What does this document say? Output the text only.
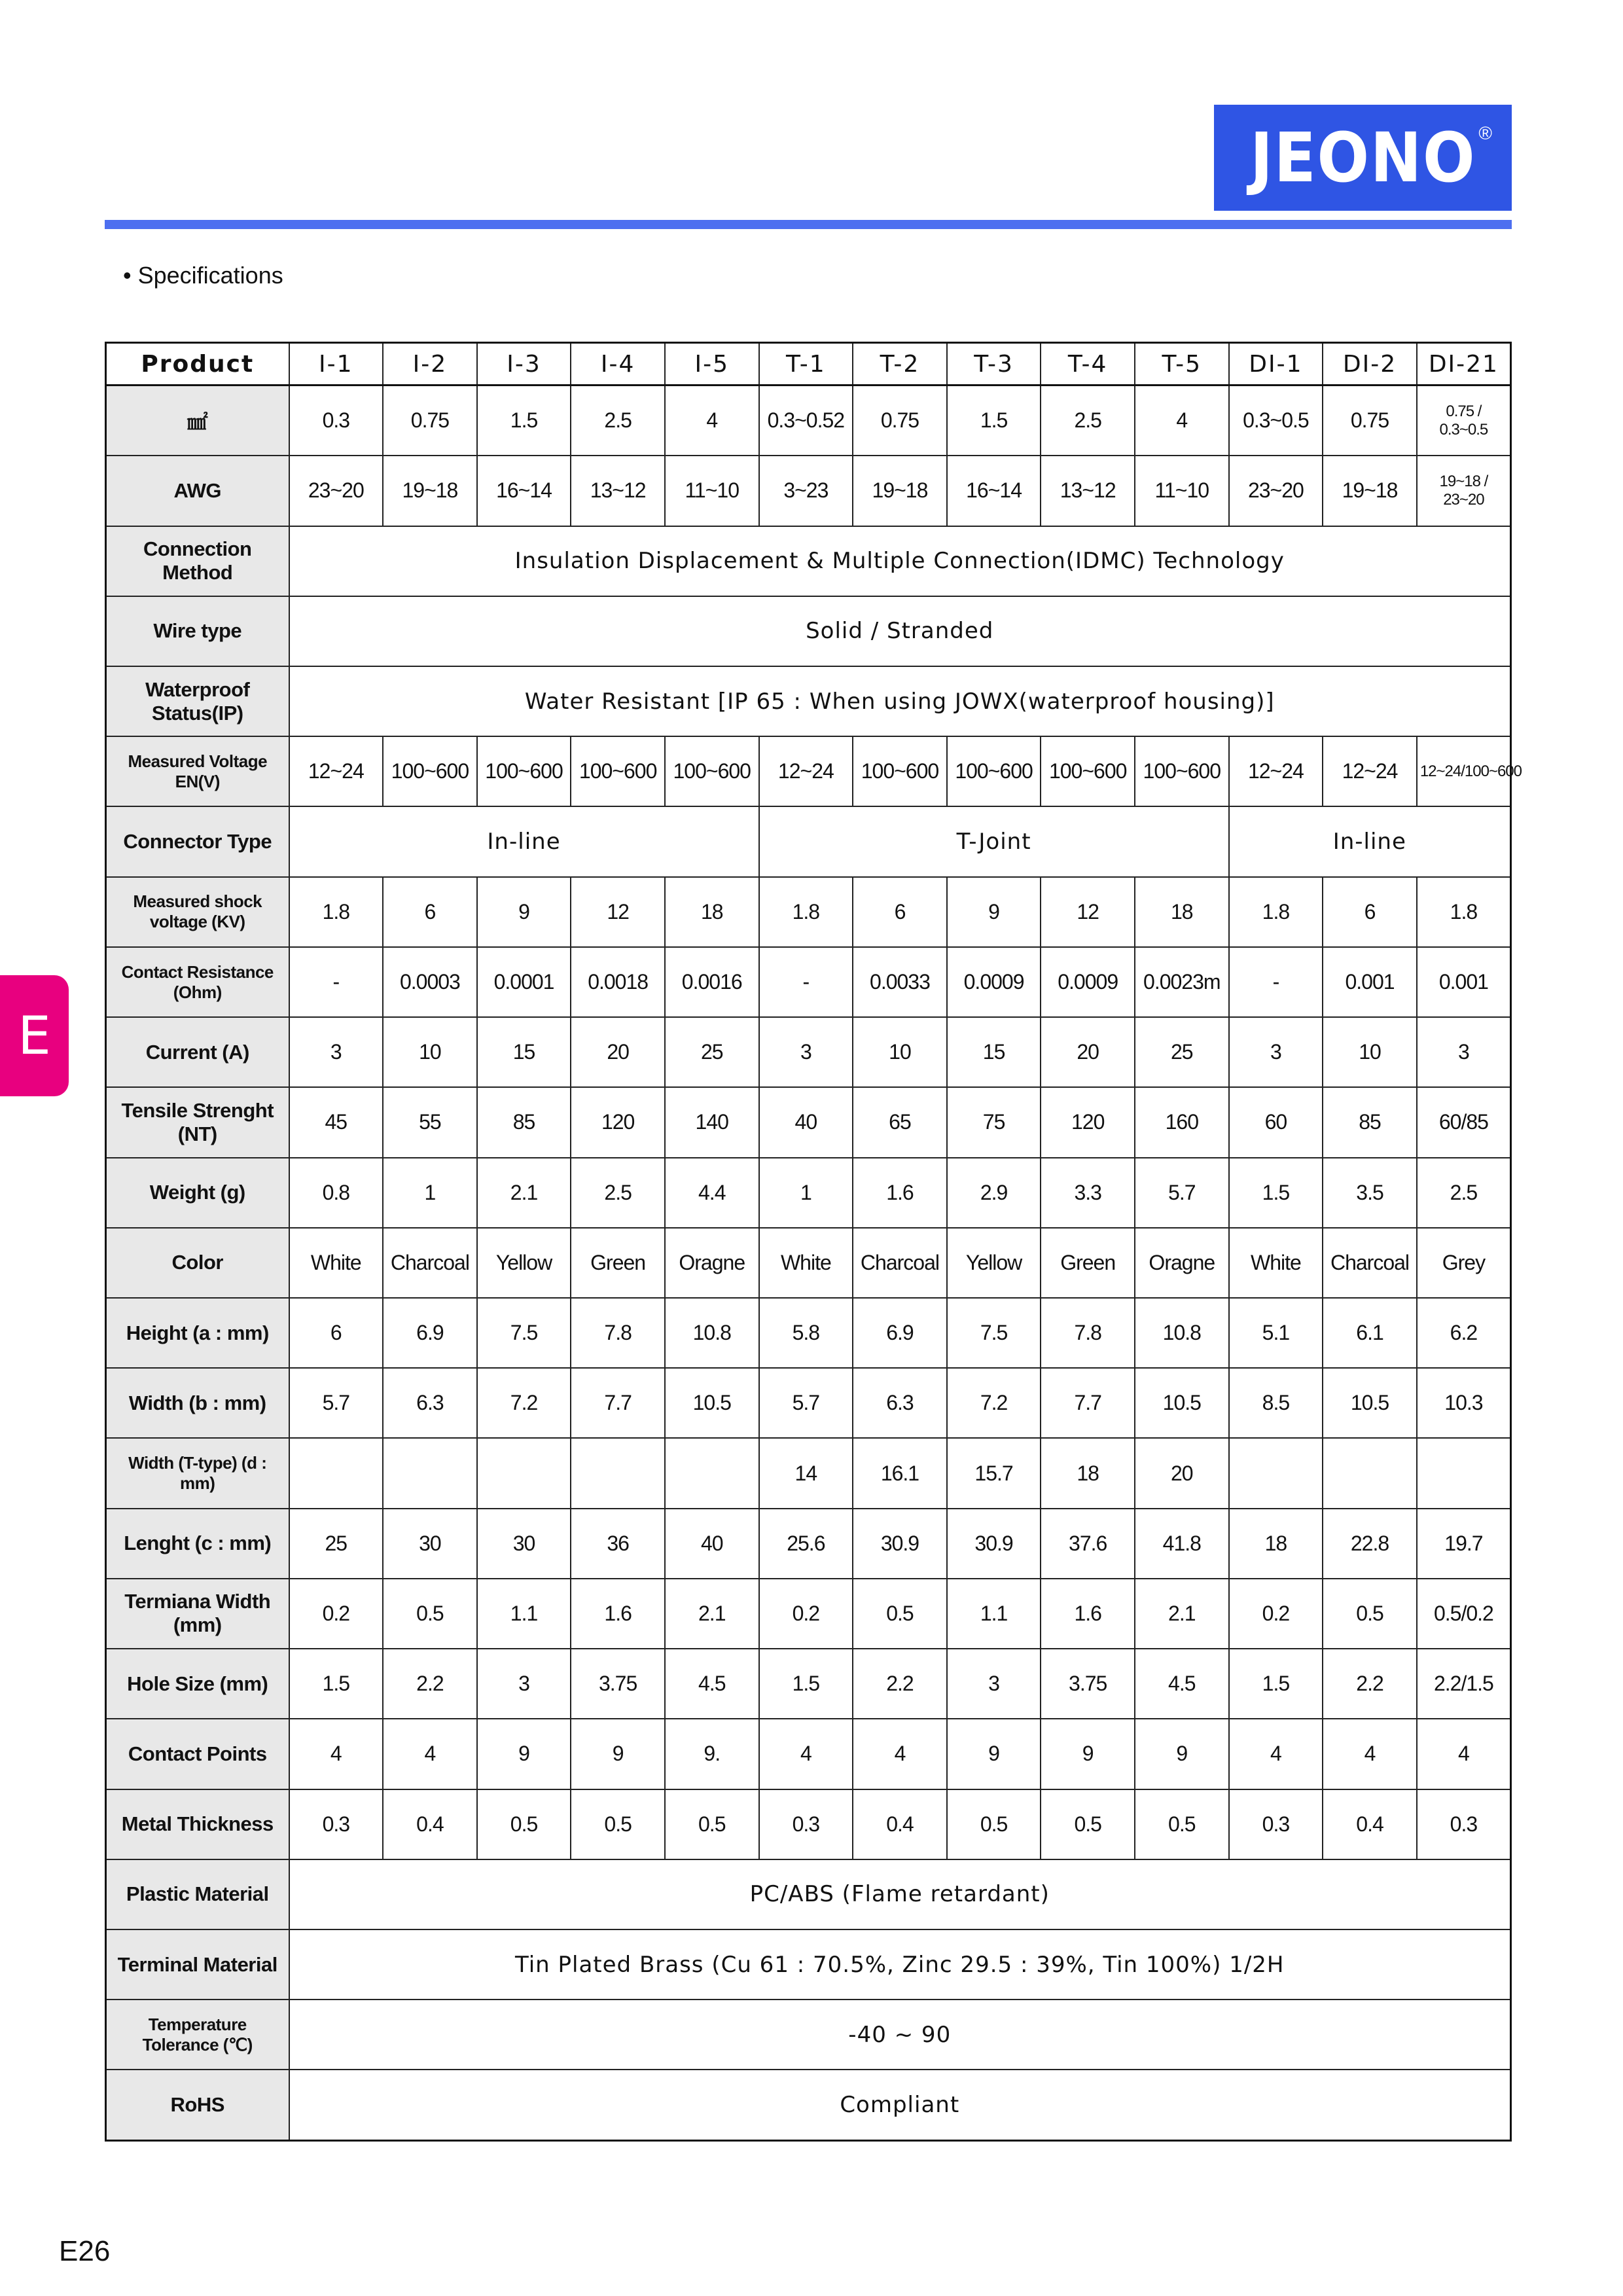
JEONO ®
• Specifications
Product	I-1	I-2	I-3	I-4	I-5	T-1	T-2	T-3	T-4	T-5	DI-1	DI-2	DI-21
㎟	0.3	0.75	1.5	2.5	4	0.3~0.52	0.75	1.5	2.5	4	0.3~0.5	0.75	0.75 / 0.3~0.5
AWG	23~20	19~18	16~14	13~12	11~10	3~23	19~18	16~14	13~12	11~10	23~20	19~18	19~18 / 23~20
Connection Method	Insulation Displacement & Multiple Connection(IDMC) Technology												
Wire type	Solid / Stranded												
Waterproof Status(IP)	Water Resistant [IP 65 : When using JOWX(waterproof housing)]												
Measured Voltage EN(V)	12~24	100~600	100~600	100~600	100~600	12~24	100~600	100~600	100~600	100~600	12~24	12~24	12~24/100~600
Connector Type	In-line					T-Joint					In-line		
Measured shock voltage (KV)	1.8	6	9	12	18	1.8	6	9	12	18	1.8	6	1.8
Contact Resistance (Ohm)	-	0.0003	0.0001	0.0018	0.0016	-	0.0033	0.0009	0.0009	0.0023m	-	0.001	0.001
Current (A)	3	10	15	20	25	3	10	15	20	25	3	10	3
Tensile Strenght (NT)	45	55	85	120	140	40	65	75	120	160	60	85	60/85
Weight (g)	0.8	1	2.1	2.5	4.4	1	1.6	2.9	3.3	5.7	1.5	3.5	2.5
Color	White	Charcoal	Yellow	Green	Oragne	White	Charcoal	Yellow	Green	Oragne	White	Charcoal	Grey
Height (a : mm)	6	6.9	7.5	7.8	10.8	5.8	6.9	7.5	7.8	10.8	5.1	6.1	6.2
Width (b : mm)	5.7	6.3	7.2	7.7	10.5	5.7	6.3	7.2	7.7	10.5	8.5	10.5	10.3
Width (T-type) (d : mm)						14	16.1	15.7	18	20			
Lenght (c : mm)	25	30	30	36	40	25.6	30.9	30.9	37.6	41.8	18	22.8	19.7
Termiana Width (mm)	0.2	0.5	1.1	1.6	2.1	0.2	0.5	1.1	1.6	2.1	0.2	0.5	0.5/0.2
Hole Size (mm)	1.5	2.2	3	3.75	4.5	1.5	2.2	3	3.75	4.5	1.5	2.2	2.2/1.5
Contact Points	4	4	9	9	9.	4	4	9	9	9	4	4	4
Metal Thickness	0.3	0.4	0.5	0.5	0.5	0.3	0.4	0.5	0.5	0.5	0.3	0.4	0.3
Plastic Material	PC/ABS (Flame retardant)												
Terminal Material	Tin Plated Brass (Cu 61 : 70.5%, Zinc 29.5 : 39%, Tin 100%) 1/2H												
Temperature Tolerance (℃)	-40 ~ 90												
RoHS	Compliant												
E
E26
